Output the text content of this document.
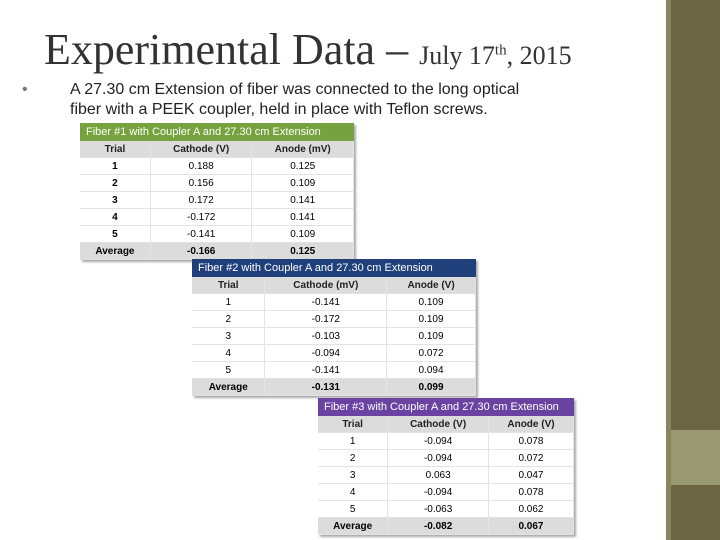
Experimental Data – July 17th, 2015
•	A 27.30 cm Extension of fiber was connected to the long optical
fiber with a PEEK coupler, held in place with Teflon screws.
Fiber #1 with Coupler A and 27.30 cm Extension		
Trial	Cathode (V)	Anode (mV)
1	0.188	0.125
2	0.156	0.109
3	0.172	0.141
4	-0.172	0.141
5	-0.141	0.109
Average	-0.166	0.125
Fiber #2 with Coupler A and 27.30 cm Extension		
Trial	Cathode (mV)	Anode (V)
1	-0.141	0.109
2	-0.172	0.109
3	-0.103	0.109
4	-0.094	0.072
5	-0.141	0.094
Average	-0.131	0.099
Fiber #3 with Coupler A and 27.30 cm Extension		
Trial	Cathode (V)	Anode (V)
1	-0.094	0.078
2	-0.094	0.072
3	0.063	0.047
4	-0.094	0.078
5	-0.063	0.062
Average	-0.082	0.067
